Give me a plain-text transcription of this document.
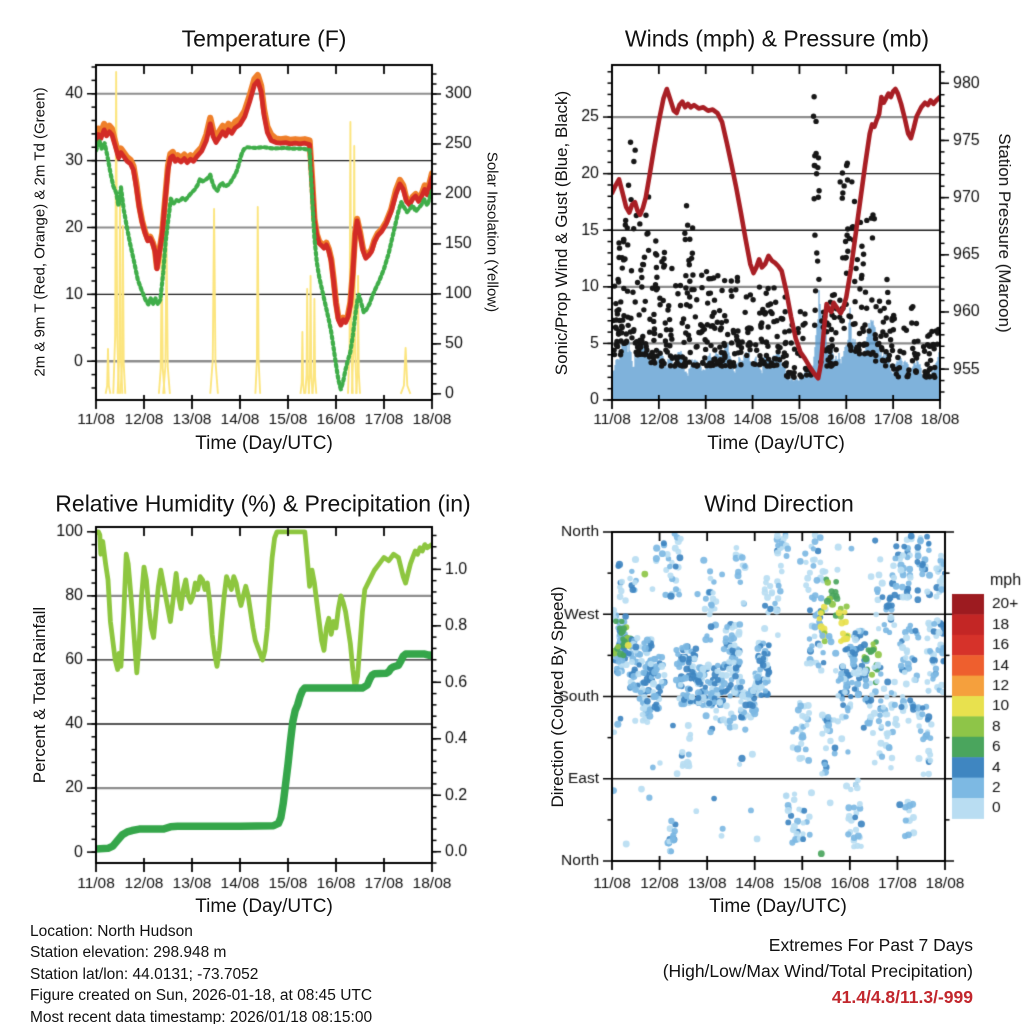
Temperature (F)	Winds (mph) & Pressure (mb)
Relative Humidity (%) & Precipitation (in)	Wind Direction
2m & 9m T (Red, Orange) & 2m Td (Green)	Solar Insolation (Yellow)	Sonic/Prop Wind & Gust (Blue, Black)	Station Pressure (Maroon)
Percent & Total Rainfall	Direction (Colored By Speed)
Time (Day/UTC)	Time (Day/UTC)
Time (Day/UTC)	Time (Day/UTC)
Location: North Hudson
Station elevation: 298.948 m
Station lat/lon: 44.0131; -73.7052
Figure created on Sun, 2026-01-18, at 08:45 UTC
Most recent data timestamp: 2026/01/18 08:15:00
Extremes For Past 7 Days
(High/Low/Max Wind/Total Precipitation)
41.4/4.8/11.3/-999
